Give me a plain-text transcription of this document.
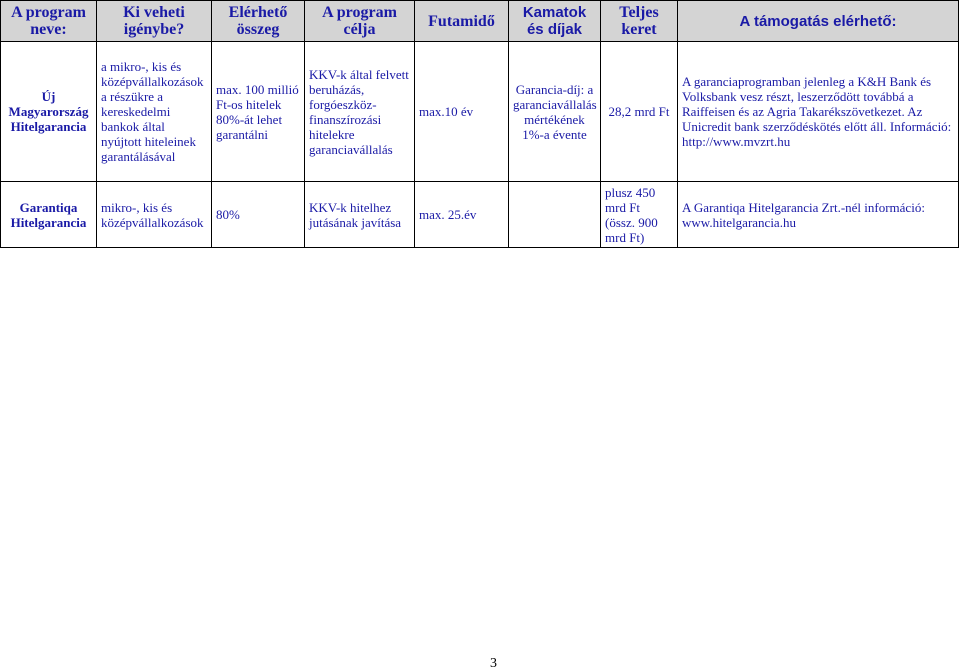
A program neve:	Ki veheti igénybe?	Elérhető összeg	A program célja	Futamidő	Kamatok és díjak	Teljes keret	A támogatás elérhető:
Új Magyarország Hitelgarancia	a mikro-, kis és középvállalkozások a részükre a kereskedelmi bankok által nyújtott hiteleinek garantálásával	max. 100 millió Ft-os hitelek 80%-át lehet garantálni	KKV-k által felvett beruházás, forgóeszköz-finanszírozási hitelekre garanciavállalás	max.10 év	Garancia-díj: a garanciavállalás mértékének 1%-a évente	28,2 mrd Ft	A garanciaprogramban jelenleg a K&H Bank és Volksbank vesz részt, leszerződött továbbá a Raiffeisen és az Agria Takarékszövetkezet. Az Unicredit bank szerződéskötés előtt áll. Információ: http://www.mvzrt.hu
Garantiqa Hitelgarancia	mikro-, kis és középvállalkozások	80%	KKV-k hitelhez jutásának javítása	max. 25.év		plusz 450 mrd Ft (össz. 900 mrd Ft)	A Garantiqa Hitelgarancia Zrt.-nél információ: www.hitelgarancia.hu
3
